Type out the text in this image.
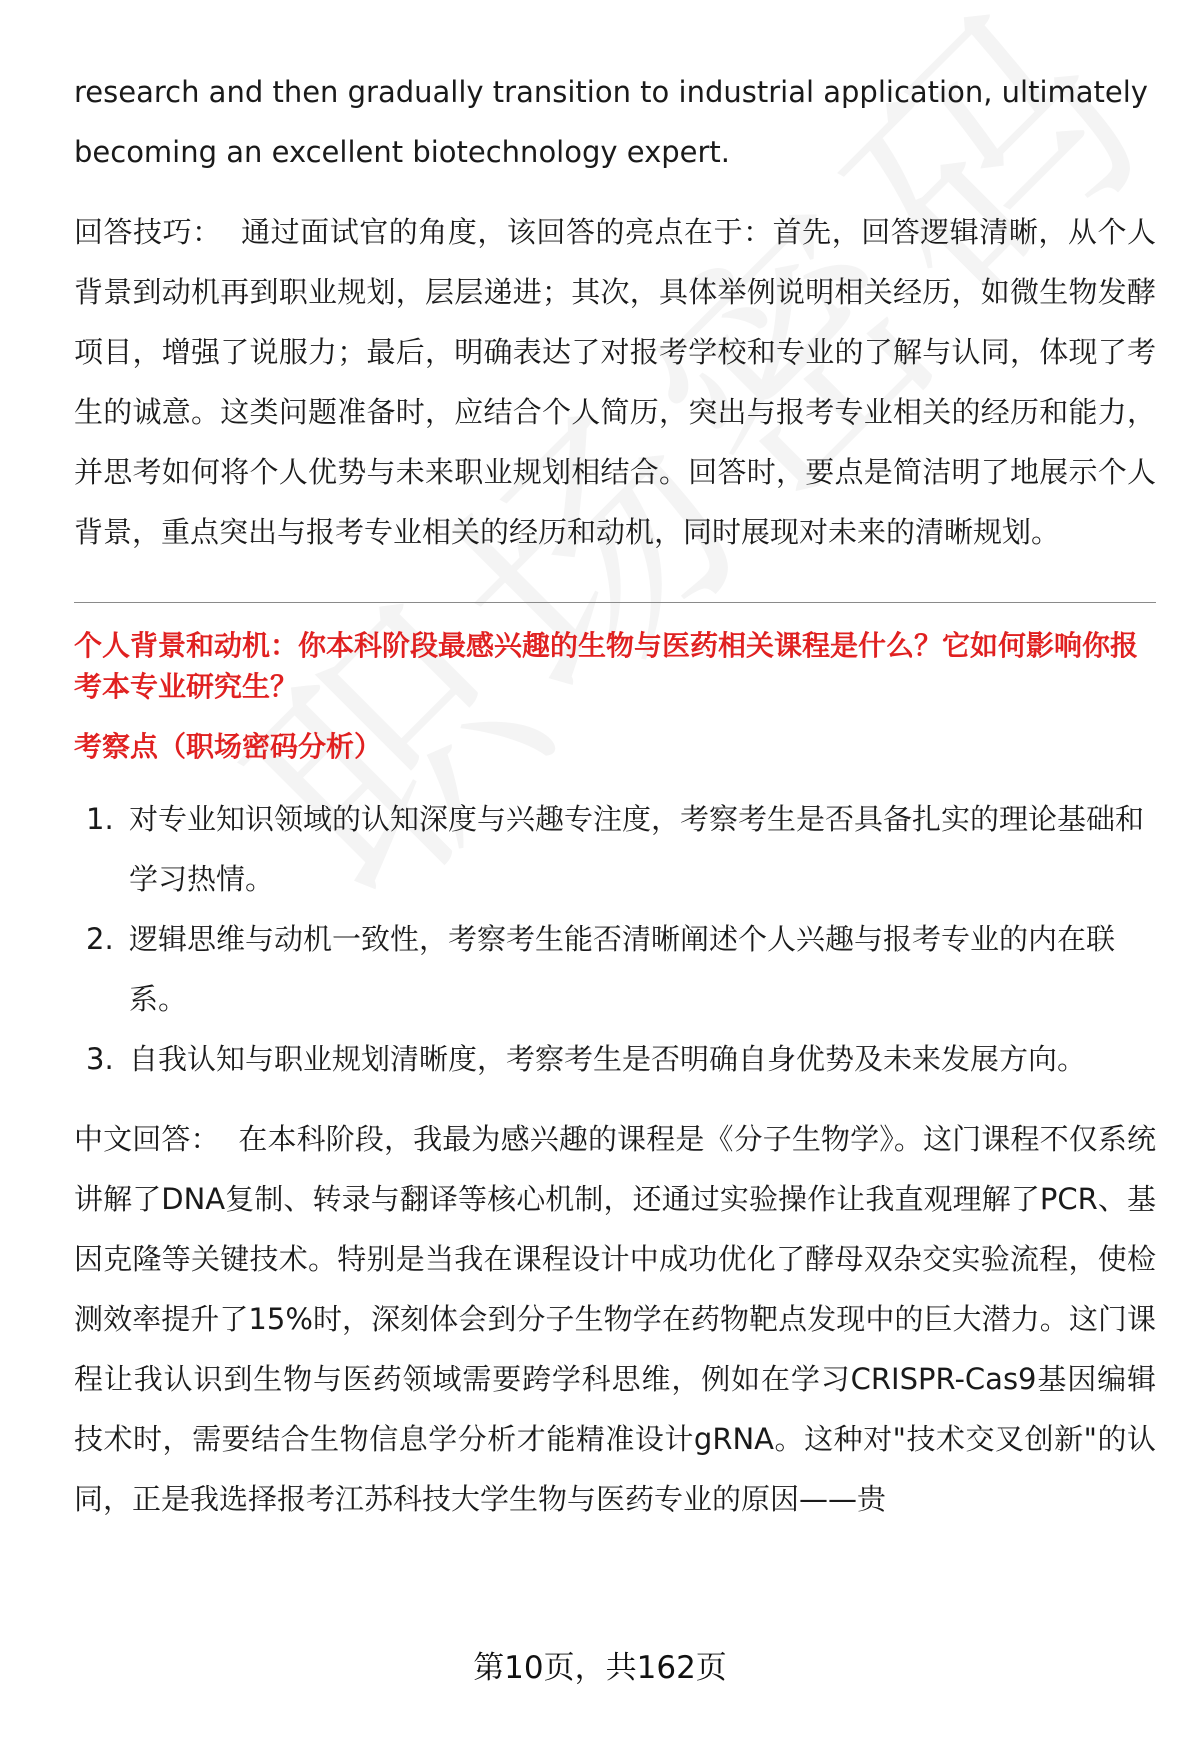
research and then gradually transition to industrial application, ultimately becoming an excellent biotechnology expert.

回答技巧： 通过面试官的角度，该回答的亮点在于：首先，回答逻辑清晰，从个人背景到动机再到职业规划，层层递进；其次，具体举例说明相关经历，如微生物发酵项目，增强了说服力；最后，明确表达了对报考学校和专业的了解与认同，体现了考生的诚意。这类问题准备时，应结合个人简历，突出与报考专业相关的经历和能力，并思考如何将个人优势与未来职业规划相结合。回答时，要点是简洁明了地展示个人背景，重点突出与报考专业相关的经历和动机，同时展现对未来的清晰规划。

个人背景和动机：你本科阶段最感兴趣的生物与医药相关课程是什么？它如何影响你报考本专业研究生？

考察点（职场密码分析）

1. 对专业知识领域的认知深度与兴趣专注度，考察考生是否具备扎实的理论基础和学习热情。
2. 逻辑思维与动机一致性，考察考生能否清晰阐述个人兴趣与报考专业的内在联系。
3. 自我认知与职业规划清晰度，考察考生是否明确自身优势及未来发展方向。

中文回答： 在本科阶段，我最为感兴趣的课程是《分子生物学》。这门课程不仅系统讲解了DNA复制、转录与翻译等核心机制，还通过实验操作让我直观理解了PCR、基因克隆等关键技术。特别是当我在课程设计中成功优化了酵母双杂交实验流程，使检测效率提升了15%时，深刻体会到分子生物学在药物靶点发现中的巨大潜力。这门课程让我认识到生物与医药领域需要跨学科思维，例如在学习CRISPR-Cas9基因编辑技术时，需要结合生物信息学分析才能精准设计gRNA。这种对"技术交叉创新"的认同，正是我选择报考江苏科技大学生物与医药专业的原因——贵

第10页，共162页
